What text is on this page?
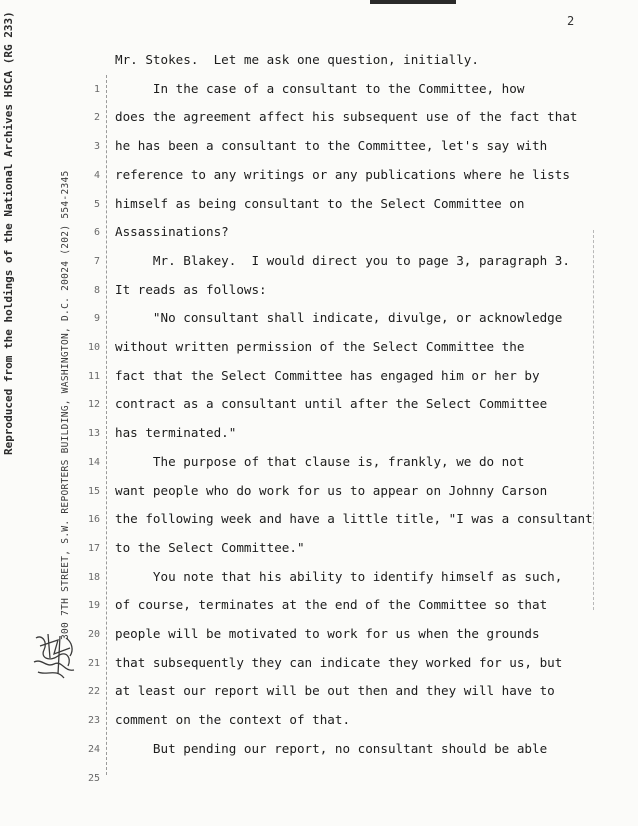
2
Reproduced from the holdings of the National Archives HSCA (RG 233)	300 7TH STREET, S.W. REPORTERS BUILDING, WASHINGTON, D.C. 20024 (202) 554-2345
1
2
3
4
5
6
7
8
9
10
11
12
13
14
15
16
17
18
19
20
21
22
23
24
25
Mr. Stokes.  Let me ask one question, initially.
In the case of a consultant to the Committee, how
does the agreement affect his subsequent use of the fact that
he has been a consultant to the Committee, let's say with
reference to any writings or any publications where he lists
himself as being consultant to the Select Committee on
Assassinations?
Mr. Blakey.  I would direct you to page 3, paragraph 3.
It reads as follows:
"No consultant shall indicate, divulge, or acknowledge
without written permission of the Select Committee the
fact that the Select Committee has engaged him or her by
contract as a consultant until after the Select Committee
has terminated."
The purpose of that clause is, frankly, we do not
want people who do work for us to appear on Johnny Carson
the following week and have a little title, "I was a consultant
to the Select Committee."
You note that his ability to identify himself as such,
of course, terminates at the end of the Committee so that
people will be motivated to work for us when the grounds
that subsequently they can indicate they worked for us, but
at least our report will be out then and they will have to
comment on the context of that.
But pending our report, no consultant should be able
